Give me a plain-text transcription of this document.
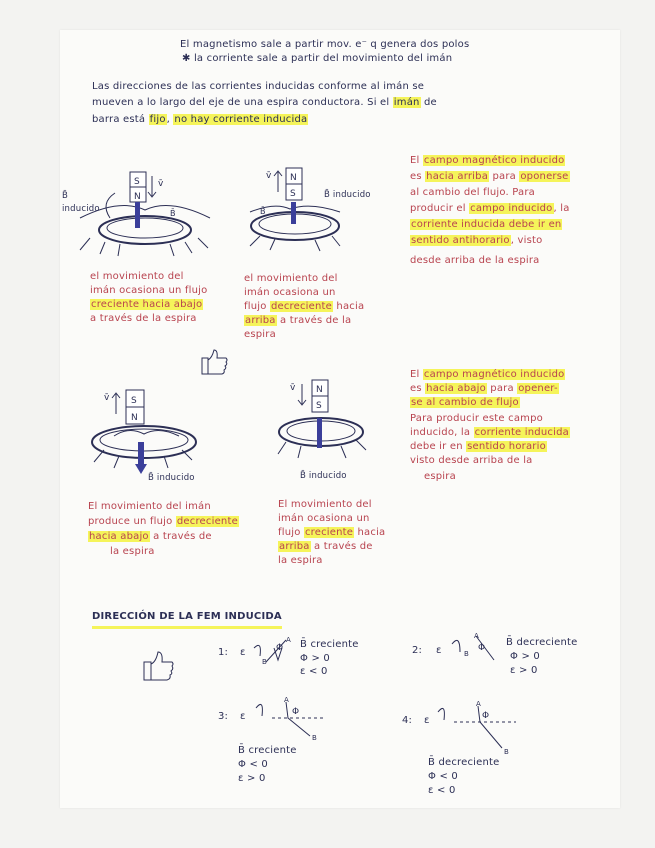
El magnetismo sale a partir mov. e⁻ q genera dos polos
✱ la corriente sale a partir del movimiento del imán
Las direcciones de las corrientes inducidas conforme al imán se
mueven a lo largo del eje de una espira conductora. Si el imán de
barra está fijo, no hay corriente inducida
S
N
v̄
B̄
B̄ inducido
N
S
v̄
B̄
B̄ inducido
el movimiento del
imán ocasiona un flujo
creciente hacia abajo
a través de la espira
el movimiento del
imán ocasiona un
flujo decreciente hacia
arriba a través de la
espira
El campo magnético inducido
es hacia arriba para oponerse
al cambio del flujo. Para
producir el campo inducido, la
corriente inducida debe ir en
sentido antihorario, visto
desde arriba de la espira
S
N
v̄
B̄ inducido
N
S
v̄
B̄ inducido
El movimiento del imán
produce un flujo decreciente
hacia abajo a través de
la espira
El movimiento del
imán ocasiona un
flujo creciente hacia
arriba a través de
la espira
El campo magnético inducido
es hacia abajo para opener-
se al cambio de flujo
Para producir este campo
inducido, la corriente inducida
debe ir en sentido horario
visto desde arriba de la
espira
DIRECCIÓN DE LA FEM INDUCIDA
1: ε	Φ
A
B
B̄ creciente
Φ > 0
ε < 0
2: ε	Φ
A
B
B̄ decreciente
Φ > 0
ε > 0
3: ε	Φ
A
B
B̄ creciente
Φ < 0
ε > 0
4: ε	Φ
A
B
B̄ decreciente
Φ < 0
ε < 0
